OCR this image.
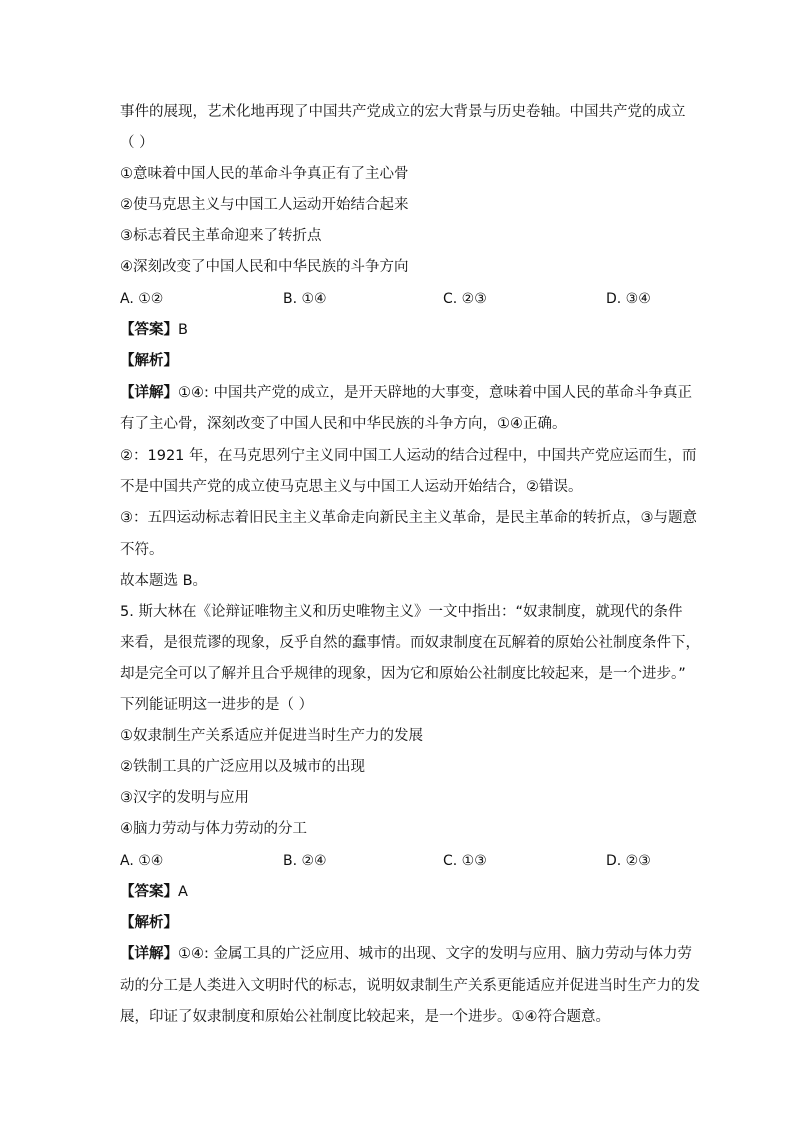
事件的展现，艺术化地再现了中国共产党成立的宏大背景与历史卷轴。中国共产党的成立
（ ）
①意味着中国人民的革命斗争真正有了主心骨
②使马克思主义与中国工人运动开始结合起来
③标志着民主革命迎来了转折点
④深刻改变了中国人民和中华民族的斗争方向
A. ①②	B. ①④	C. ②③	D. ③④
【答案】B
【解析】
【详解】①④: 中国共产党的成立，是开天辟地的大事变，意味着中国人民的革命斗争真正
有了主心骨，深刻改变了中国人民和中华民族的斗争方向，①④正确。
②：1921 年，在马克思列宁主义同中国工人运动的结合过程中，中国共产党应运而生，而
不是中国共产党的成立使马克思主义与中国工人运动开始结合，②错误。
③：五四运动标志着旧民主主义革命走向新民主主义革命，是民主革命的转折点，③与题意
不符。
故本题选 B。
5. 斯大林在《论辩证唯物主义和历史唯物主义》一文中指出：“奴隶制度，就现代的条件
来看，是很荒谬的现象，反乎自然的蠢事情。而奴隶制度在瓦解着的原始公社制度条件下，
却是完全可以了解并且合乎规律的现象，因为它和原始公社制度比较起来，是一个进步。”
下列能证明这一进步的是（ ）
①奴隶制生产关系适应并促进当时生产力的发展
②铁制工具的广泛应用以及城市的出现
③汉字的发明与应用
④脑力劳动与体力劳动的分工
A. ①④	B. ②④	C. ①③	D. ②③
【答案】A
【解析】
【详解】①④: 金属工具的广泛应用、城市的出现、文字的发明与应用、脑力劳动与体力劳
动的分工是人类进入文明时代的标志，说明奴隶制生产关系更能适应并促进当时生产力的发
展，印证了奴隶制度和原始公社制度比较起来，是一个进步。①④符合题意。
